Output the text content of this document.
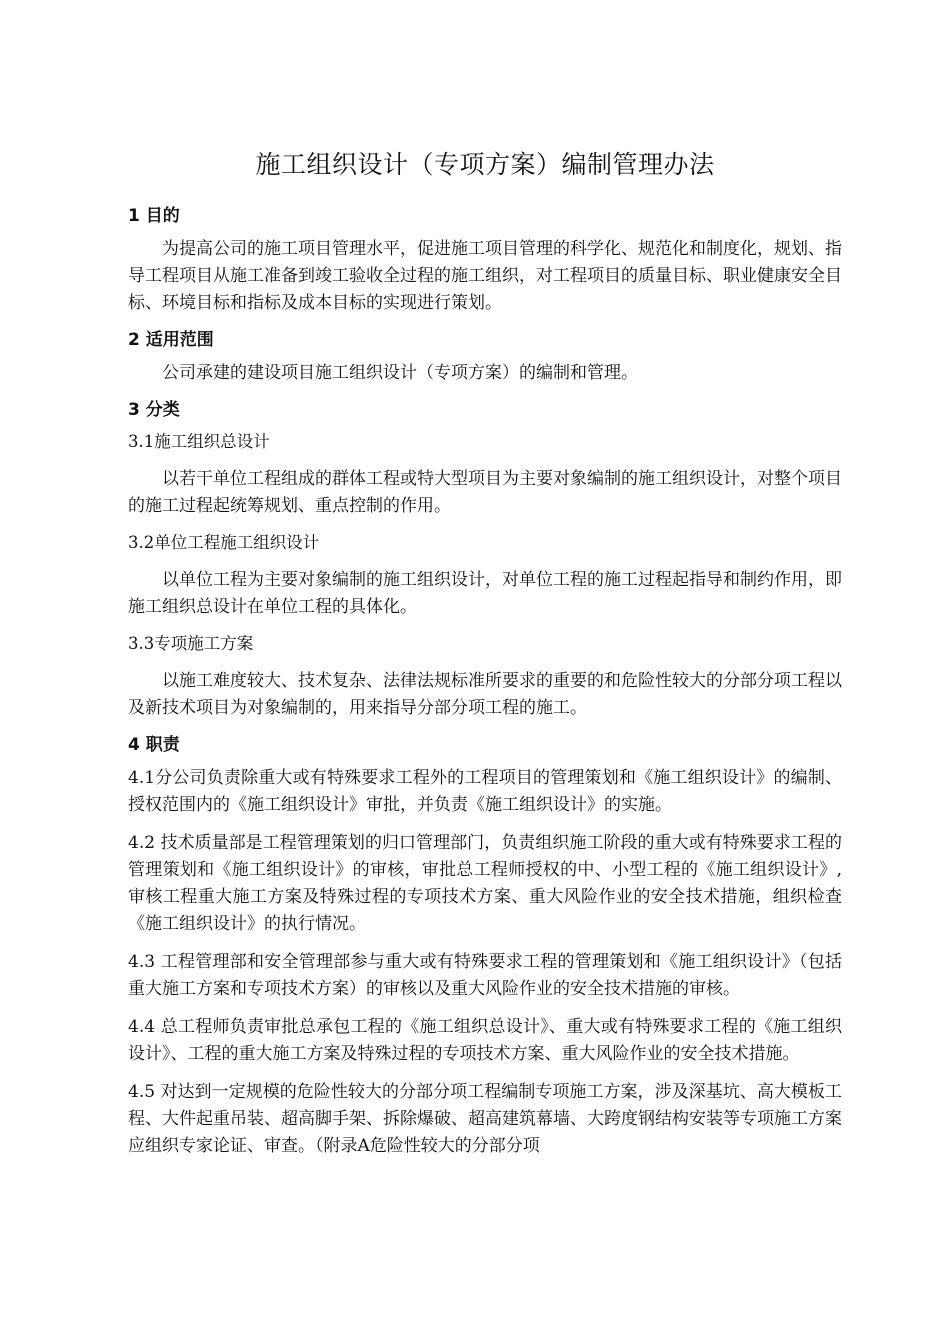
施工组织设计（专项方案）编制管理办法
1 目的

为提高公司的施工项目管理水平，促进施工项目管理的科学化、规范化和制度化，规划、指导工程项目从施工准备到竣工验收全过程的施工组织，对工程项目的质量目标、职业健康安全目标、环境目标和指标及成本目标的实现进行策划。

2 适用范围

公司承建的建设项目施工组织设计（专项方案）的编制和管理。

3 分类
3.1施工组织总设计

以若干单位工程组成的群体工程或特大型项目为主要对象编制的施工组织设计，对整个项目的施工过程起统筹规划、重点控制的作用。

3.2单位工程施工组织设计

以单位工程为主要对象编制的施工组织设计，对单位工程的施工过程起指导和制约作用，即施工组织总设计在单位工程的具体化。

3.3专项施工方案

以施工难度较大、技术复杂、法律法规标准所要求的重要的和危险性较大的分部分项工程以及新技术项目为对象编制的，用来指导分部分项工程的施工。

4 职责

4.1分公司负责除重大或有特殊要求工程外的工程项目的管理策划和《施工组织设计》的编制、授权范围内的《施工组织设计》审批，并负责《施工组织设计》的实施。

4.2 技术质量部是工程管理策划的归口管理部门，负责组织施工阶段的重大或有特殊要求工程的管理策划和《施工组织设计》的审核，审批总工程师授权的中、小型工程的《施工组织设计》,审核工程重大施工方案及特殊过程的专项技术方案、重大风险作业的安全技术措施，组织检查《施工组织设计》的执行情况。

4.3 工程管理部和安全管理部参与重大或有特殊要求工程的管理策划和《施工组织设计》（包括重大施工方案和专项技术方案）的审核以及重大风险作业的安全技术措施的审核。

4.4 总工程师负责审批总承包工程的《施工组织总设计》、重大或有特殊要求工程的《施工组织设计》、工程的重大施工方案及特殊过程的专项技术方案、重大风险作业的安全技术措施。

4.5 对达到一定规模的危险性较大的分部分项工程编制专项施工方案，涉及深基坑、高大模板工程、大件起重吊装、超高脚手架、拆除爆破、超高建筑幕墙、大跨度钢结构安装等专项施工方案应组织专家论证、审查。（附录A危险性较大的分部分项
